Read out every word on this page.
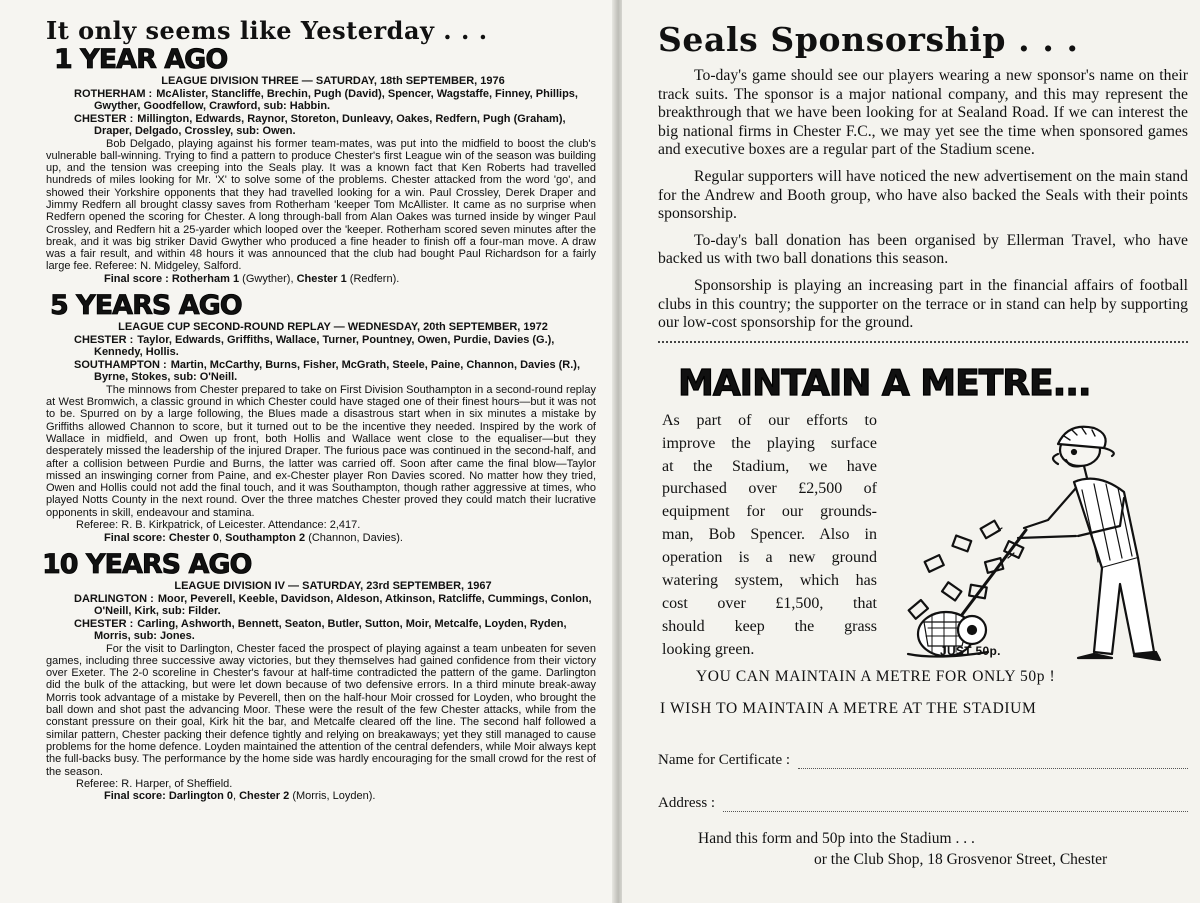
It only seems like Yesterday . . .
1 YEAR AGO
LEAGUE DIVISION THREE — SATURDAY, 18th SEPTEMBER, 1976
ROTHERHAM : McAlister, Stancliffe, Brechin, Pugh (David), Spencer, Wagstaffe, Finney, Phillips, Gwyther, Goodfellow, Crawford, sub: Habbin.
CHESTER : Millington, Edwards, Raynor, Storeton, Dunleavy, Oakes, Redfern, Pugh (Graham), Draper, Delgado, Crossley, sub: Owen.

Bob Delgado, playing against his former team-mates, was put into the midfield to boost the club's vulnerable ball-winning. Trying to find a pattern to produce Chester's first League win of the season was building up, and the tension was creeping into the Seals play. It was a known fact that Ken Roberts had travelled hundreds of miles looking for Mr. 'X' to solve some of the problems. Chester attacked from the word 'go', and showed their Yorkshire opponents that they had travelled looking for a win. Paul Crossley, Derek Draper and Jimmy Redfern all brought classy saves from Rotherham 'keeper Tom McAllister. It came as no surprise when Redfern opened the scoring for Chester. A long through-ball from Alan Oakes was turned inside by winger Paul Crossley, and Redfern hit a 25-yarder which looped over the 'keeper. Rotherham scored seven minutes after the break, and it was big striker David Gwyther who produced a fine header to finish off a four-man move. A draw was a fair result, and within 48 hours it was announced that the club had bought Paul Richardson for a fairly large fee. Referee: N. Midgeley, Salford.

Final score : Rotherham 1 (Gwyther), Chester 1 (Redfern).
5 YEARS AGO
LEAGUE CUP SECOND-ROUND REPLAY — WEDNESDAY, 20th SEPTEMBER, 1972
CHESTER : Taylor, Edwards, Griffiths, Wallace, Turner, Pountney, Owen, Purdie, Davies (G.), Kennedy, Hollis.
SOUTHAMPTON : Martin, McCarthy, Burns, Fisher, McGrath, Steele, Paine, Channon, Davies (R.), Byrne, Stokes, sub: O'Neill.

The minnows from Chester prepared to take on First Division Southampton in a second-round replay at West Bromwich, a classic ground in which Chester could have staged one of their finest hours—but it was not to be. Spurred on by a large following, the Blues made a disastrous start when in six minutes a mistake by Griffiths allowed Channon to score, but it turned out to be the incentive they needed. Inspired by the work of Wallace in midfield, and Owen up front, both Hollis and Wallace went close to the equaliser—but they desperately missed the leadership of the injured Draper. The furious pace was continued in the second-half, and after a collision between Purdie and Burns, the latter was carried off. Soon after came the final blow—Taylor missed an inswinging corner from Paine, and ex-Chester player Ron Davies scored. No matter how they tried, Owen and Hollis could not add the final touch, and it was Southampton, though rather aggressive at times, who played Notts County in the next round. Over the three matches Chester proved they could match their lucrative opponents in skill, endeavour and stamina.

Referee: R. B. Kirkpatrick, of Leicester. Attendance: 2,417.
Final score: Chester 0, Southampton 2 (Channon, Davies).
10 YEARS AGO
LEAGUE DIVISION IV — SATURDAY, 23rd SEPTEMBER, 1967
DARLINGTON : Moor, Peverell, Keeble, Davidson, Aldeson, Atkinson, Ratcliffe, Cummings, Conlon, O'Neill, Kirk, sub: Filder.
CHESTER : Carling, Ashworth, Bennett, Seaton, Butler, Sutton, Moir, Metcalfe, Loyden, Ryden, Morris, sub: Jones.

For the visit to Darlington, Chester faced the prospect of playing against a team unbeaten for seven games, including three successive away victories, but they themselves had gained confidence from their victory over Exeter. The 2-0 scoreline in Chester's favour at half-time contradicted the pattern of the game. Darlington did the bulk of the attacking, but were let down because of two defensive errors. In a third minute break-away Morris took advantage of a mistake by Peverell, then on the half-hour Moir crossed for Loyden, who brought the ball down and shot past the advancing Moor. These were the result of the few Chester attacks, while from the constant pressure on their goal, Kirk hit the bar, and Metcalfe cleared off the line. The second half followed a similar pattern, Chester packing their defence tightly and relying on breakaways; yet they still managed to cause problems for the home defence. Loyden maintained the attention of the central defenders, while Moir always kept the full-backs busy. The performance by the home side was hardly encouraging for the small crowd for the rest of the season.

Referee: R. Harper, of Sheffield.
Final score: Darlington 0, Chester 2 (Morris, Loyden).
Seals Sponsorship . . .

To-day's game should see our players wearing a new sponsor's name on their track suits. The sponsor is a major national company, and this may represent the breakthrough that we have been looking for at Sealand Road. If we can interest the big national firms in Chester F.C., we may yet see the time when sponsored games and executive boxes are a regular part of the Stadium scene.

Regular supporters will have noticed the new advertisement on the main stand for the Andrew and Booth group, who have also backed the Seals with their points sponsorship.

To-day's ball donation has been organised by Ellerman Travel, who have backed us with two ball donations this season.

Sponsorship is playing an increasing part in the financial affairs of football clubs in this country; the supporter on the terrace or in stand can help by supporting our low-cost sponsorship for the ground.

MAINTAIN A METRE...
As part of our efforts to
improve the playing surface
at the Stadium, we have
purchased over £2,500 of
equipment for our grounds-
man, Bob Spencer. Also in
operation is a new ground
watering system, which has
cost over £1,500, that
should keep the grass
looking green.	JUST 50p.
YOU CAN MAINTAIN A METRE FOR ONLY 50p !
I WISH TO MAINTAIN A METRE AT THE STADIUM
Name for Certificate :
Address :
Hand this form and 50p into the Stadium . . .
or the Club Shop, 18 Grosvenor Street, Chester
